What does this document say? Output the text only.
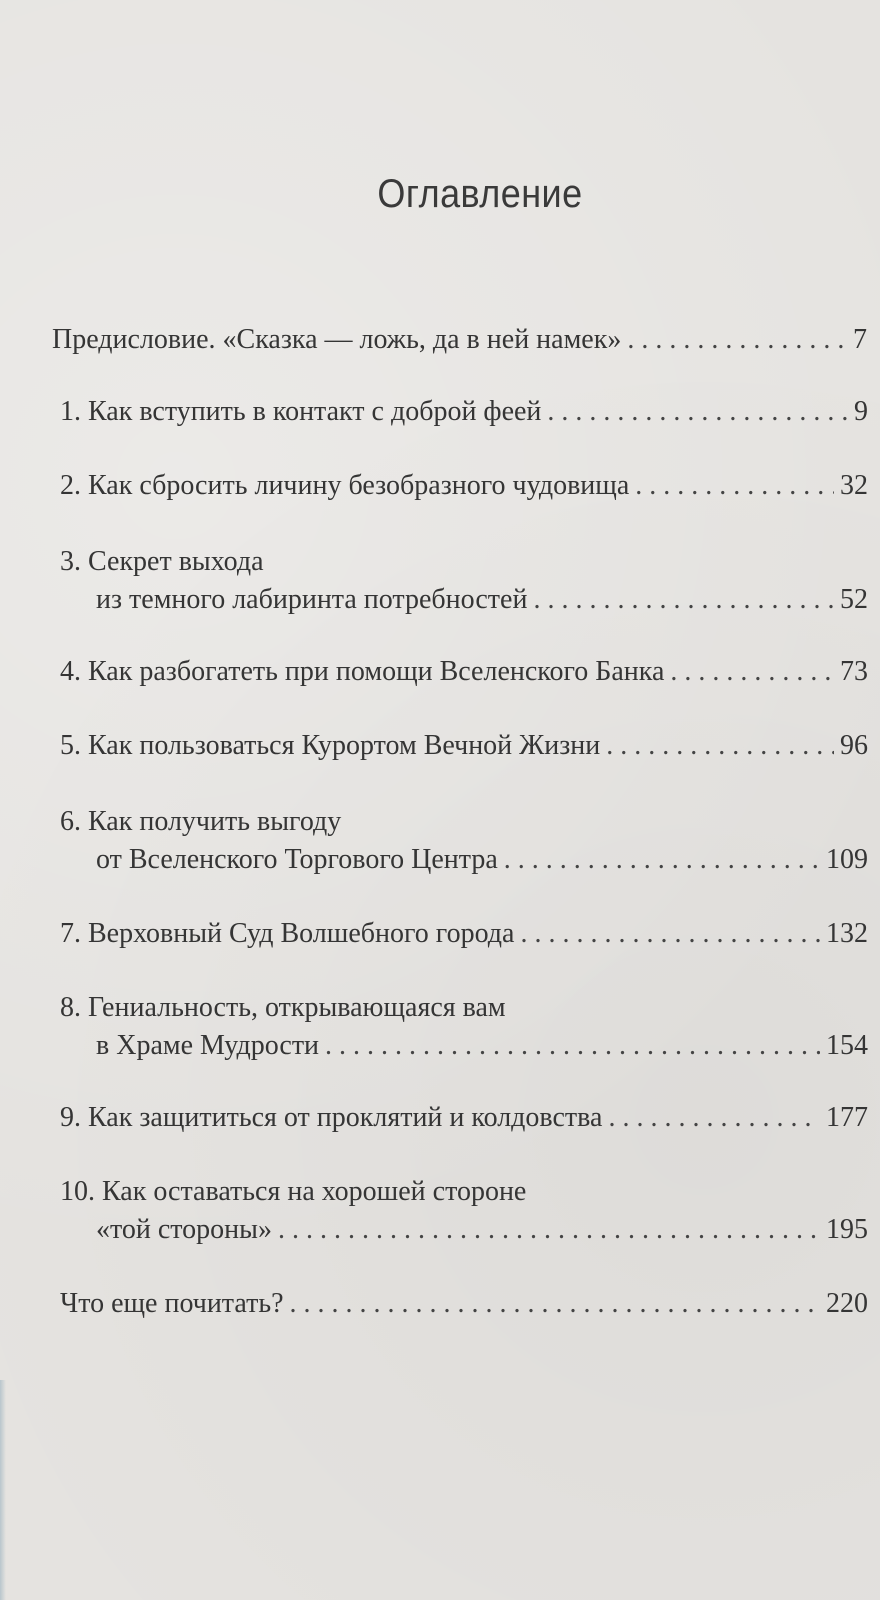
Оглавление
Предисловие. «Сказка — ложь, да в ней намек» . . .	7
1. Как вступить в контакт с доброй феей . . .	9
2. Как сбросить личину безобразного чудовища . . .	32
3. Секрет выхода
из темного лабиринта потребностей . . .	52
4. Как разбогатеть при помощи Вселенского Банка . . .	73
5. Как пользоваться Курортом Вечной Жизни . . .	96
6. Как получить выгоду
от Вселенского Торгового Центра . . .	109
7. Верховный Суд Волшебного города . . .	132
8. Гениальность, открывающаяся вам
в Храме Мудрости . . .	154
9. Как защититься от проклятий и колдовства . . .	177
10. Как оставаться на хорошей стороне
«той стороны» . . .	195
Что еще почитать? . . .	220
